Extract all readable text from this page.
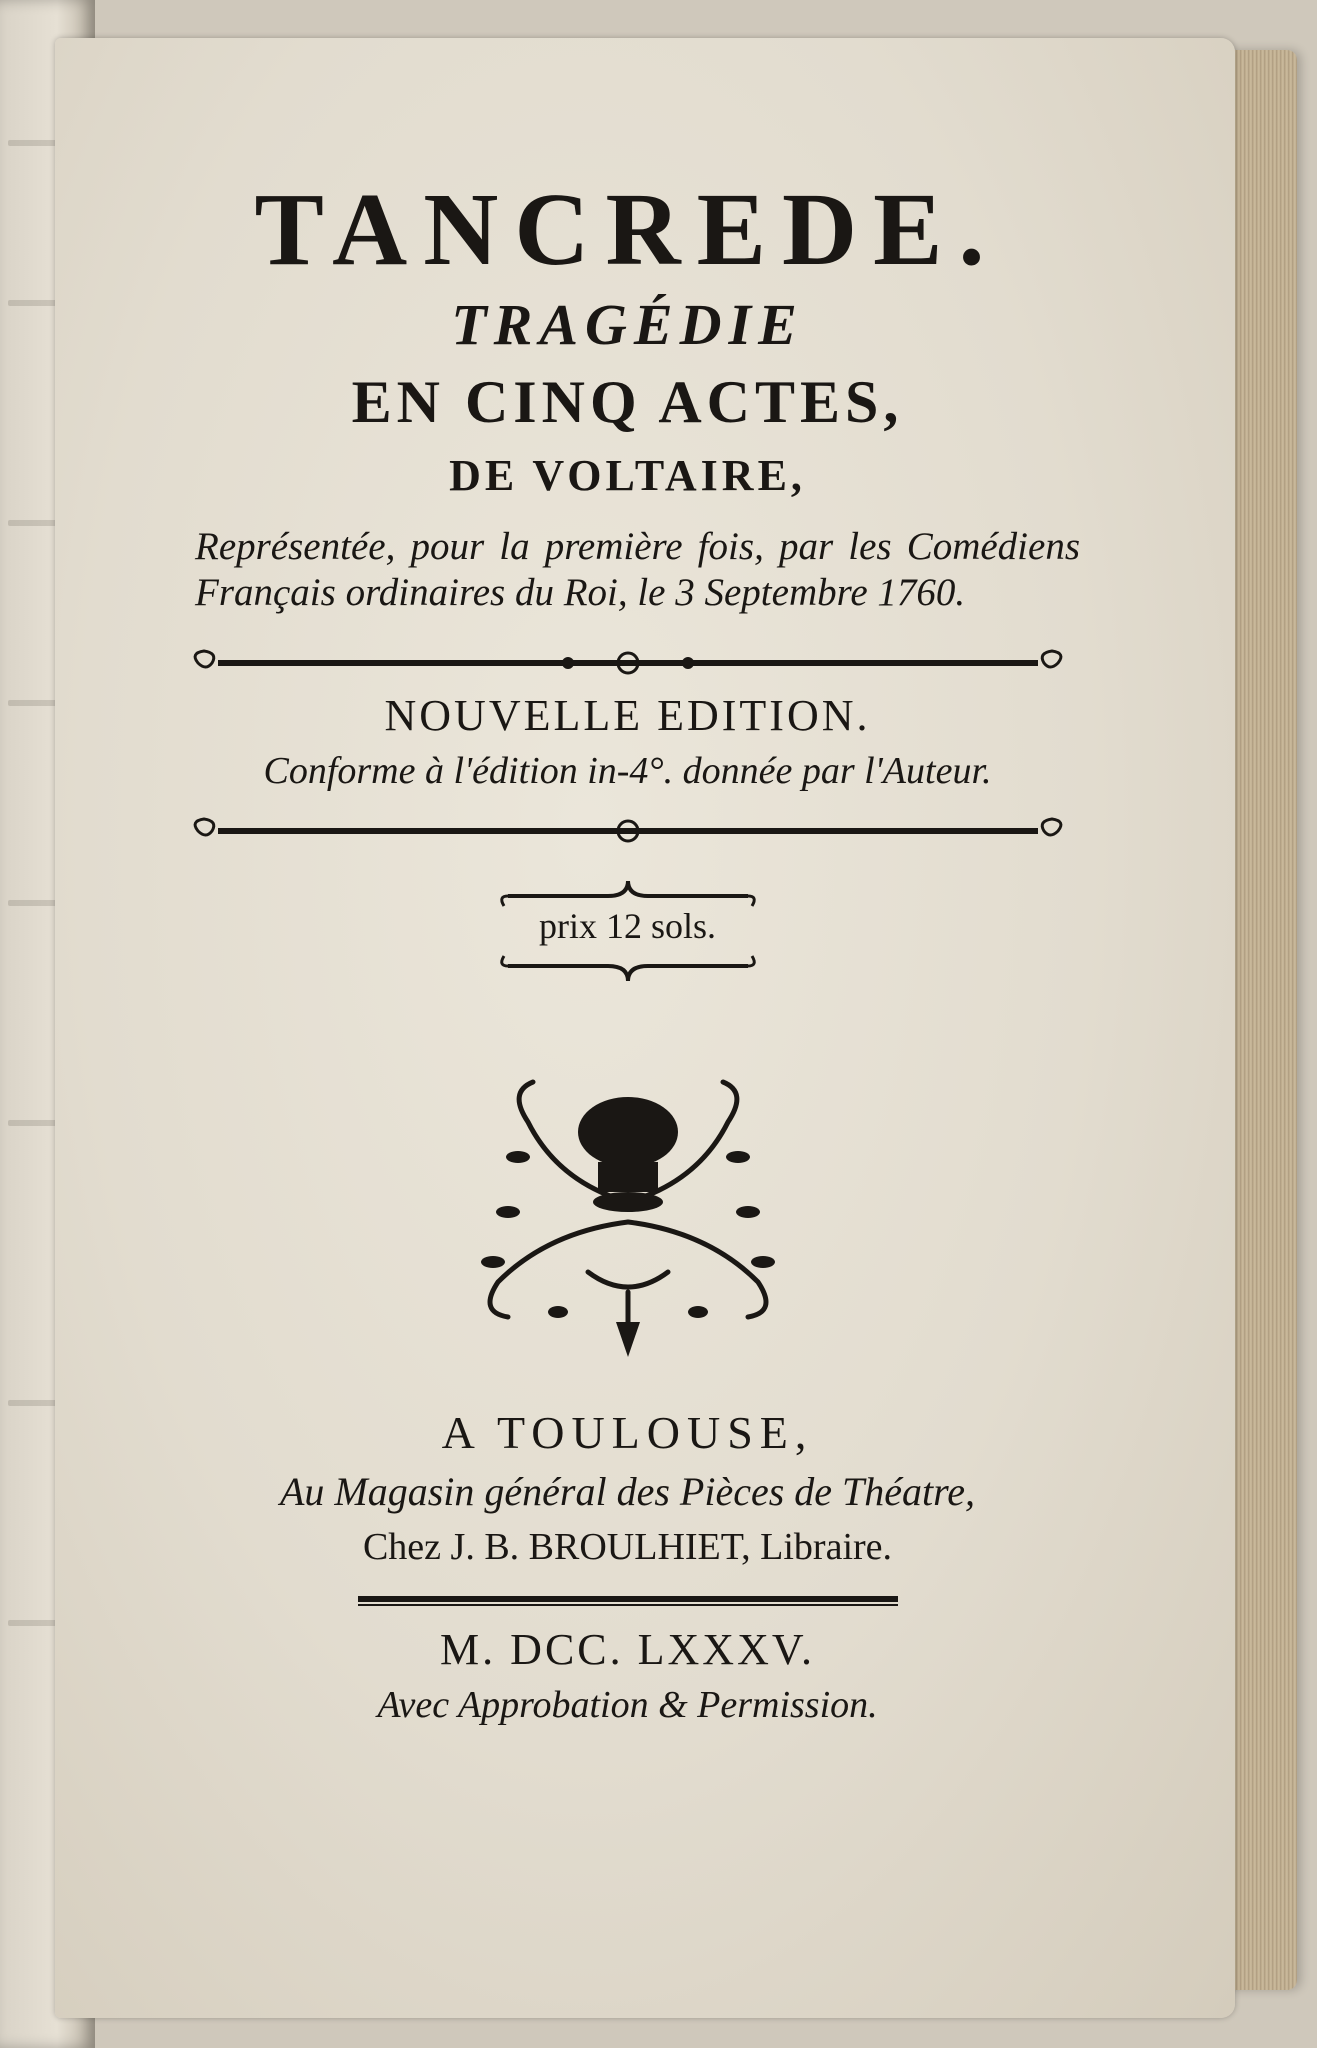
TANCREDE.
TRAGÉDIE
EN CINQ ACTES,
DE VOLTAIRE,

Représentée, pour la première fois, par les Comédiens Français ordinaires du Roi, le 3 Septembre 1760.

NOUVELLE EDITION.
Conforme à l'édition in-4°. donnée par l'Auteur.
prix 12 sols.
A TOULOUSE,
Au Magasin général des Pièces de Théatre,
Chez J. B. BROULHIET, Libraire.
M. DCC. LXXXV.
Avec Approbation & Permission.
